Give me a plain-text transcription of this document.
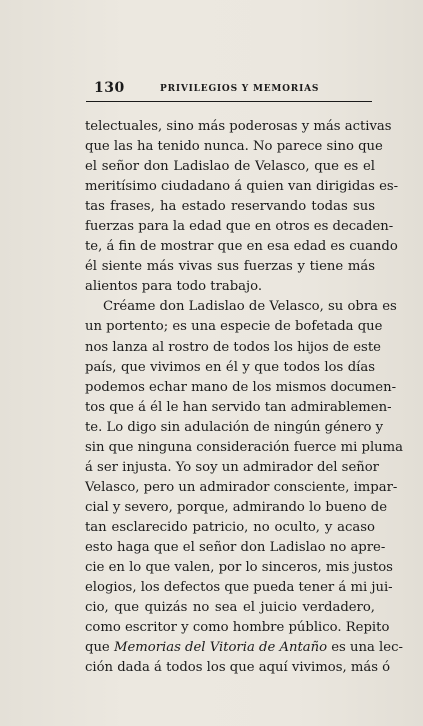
130	PRIVILEGIOS Y MEMORIAS
telectuales, sino más poderosas y más activas
que las ha tenido nunca. No parece sino que
el señor don Ladislao de Velasco, que es el
meritísimo ciudadano á quien van dirigidas es-
tas frases, ha estado reservando todas sus
fuerzas para la edad que en otros es decaden-
te, á fin de mostrar que en esa edad es cuando
él siente más vivas sus fuerzas y tiene más
alientos para todo trabajo.
Créame don Ladislao de Velasco, su obra es
un portento; es una especie de bofetada que
nos lanza al rostro de todos los hijos de este
país, que vivimos en él y que todos los días
podemos echar mano de los mismos documen-
tos que á él le han servido tan admirablemen-
te. Lo digo sin adulación de ningún género y
sin que ninguna consideración fuerce mi pluma
á ser injusta. Yo soy un admirador del señor
Velasco, pero un admirador consciente, impar-
cial y severo, porque, admirando lo bueno de
tan esclarecido patricio, no oculto, y acaso
esto haga que el señor don Ladislao no apre-
cie en lo que valen, por lo sinceros, mis justos
elogios, los defectos que pueda tener á mi jui-
cio, que quizás no sea el juicio verdadero,
como escritor y como hombre público. Repito
que Memorias del Vitoria de Antaño es una lec-
ción dada á todos los que aquí vivimos, más ó
